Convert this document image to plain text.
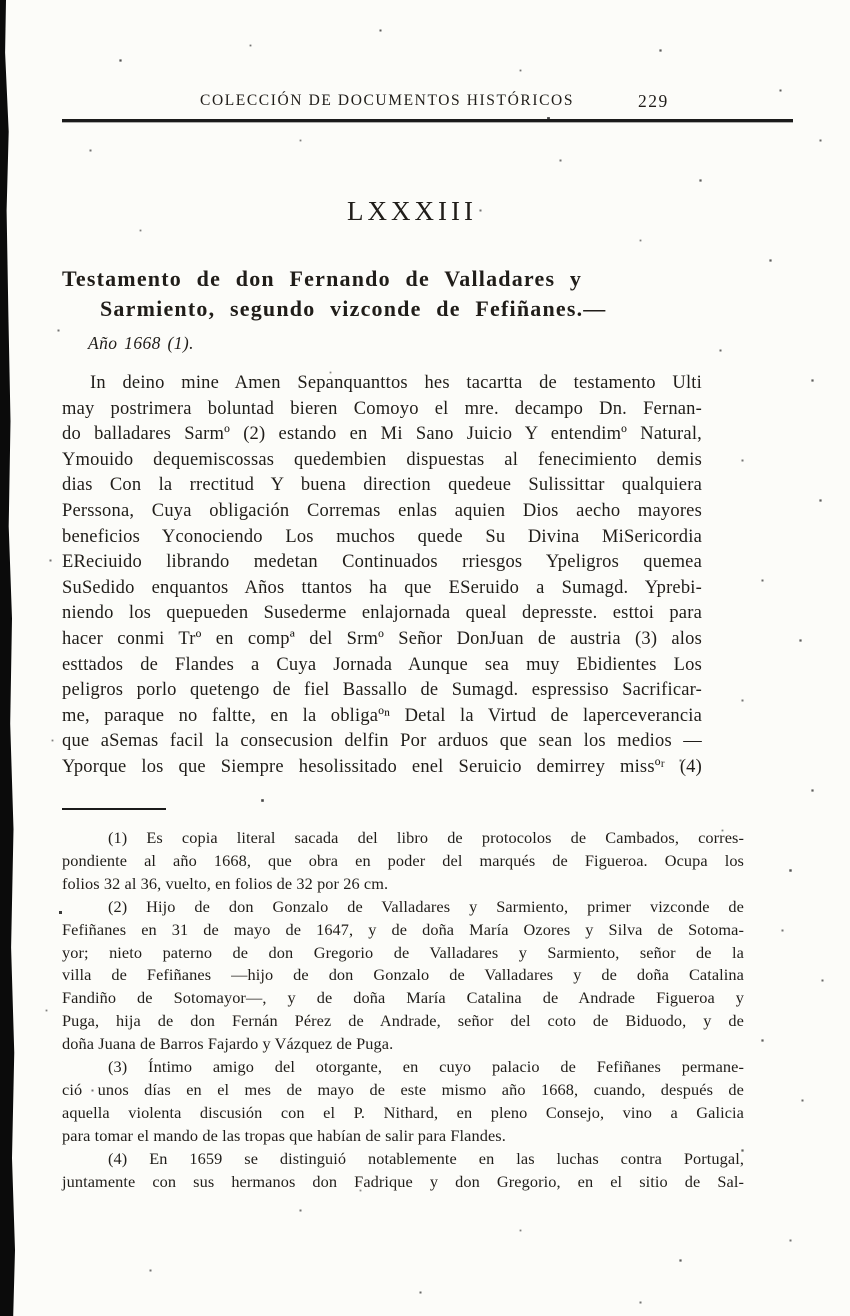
COLECCIÓN DE DOCUMENTOS HISTÓRICOS	229
LXXXIII
Testamento de don Fernando de Valladares y
Sarmiento, segundo vizconde de Fefiñanes.—
Año 1668 (1).
In deino mine Amen Sepanquanttos hes tacartta de testamento Ulti
may postrimera boluntad bieren Comoyo el mre. decampo Dn. Fernan-
do balladares Sarmº (2) estando en Mi Sano Juicio Y entendimº Natural,
Ymouido dequemiscossas quedembien dispuestas al fenecimiento demis
dias Con la rrectitud Y buena direction quedeue Sulissittar qualquiera
Perssona, Cuya obligación Corremas enlas aquien Dios aecho mayores
beneficios Yconociendo Los muchos quede Su Divina MiSericordia
EReciuido librando medetan Continuados rriesgos Ypeligros quemea
SuSedido enquantos Años ttantos ha que ESeruido a Sumagd. Yprebi-
niendo los quepueden Susederme enlajornada queal depresste. esttoi para
hacer conmi Trº en compª del Srmº Señor DonJuan de austria (3) alos
esttados de Flandes a Cuya Jornada Aunque sea muy Ebidientes Los
peligros porlo quetengo de fiel Bassallo de Sumagd. espressiso Sacrificar-
me, paraque no faltte, en la obligaºⁿ Detal la Virtud de laperceverancia
que aSemas facil la consecusion delfin Por arduos que sean los medios —
Yporque los que Siempre hesolissitado enel Seruicio demirrey missºʳ (4)
(1) Es copia literal sacada del libro de protocolos de Cambados, corres-
pondiente al año 1668, que obra en poder del marqués de Figueroa. Ocupa los
folios 32 al 36, vuelto, en folios de 32 por 26 cm.
(2) Hijo de don Gonzalo de Valladares y Sarmiento, primer vizconde de
Fefiñanes en 31 de mayo de 1647, y de doña María Ozores y Silva de Sotoma-
yor; nieto paterno de don Gregorio de Valladares y Sarmiento, señor de la
villa de Fefiñanes —hijo de don Gonzalo de Valladares y de doña Catalina
Fandiño de Sotomayor—, y de doña María Catalina de Andrade Figueroa y
Puga, hija de don Fernán Pérez de Andrade, señor del coto de Biduodo, y de
doña Juana de Barros Fajardo y Vázquez de Puga.
(3) Íntimo amigo del otorgante, en cuyo palacio de Fefiñanes permane-
ció unos días en el mes de mayo de este mismo año 1668, cuando, después de
aquella violenta discusión con el P. Nithard, en pleno Consejo, vino a Galicia
para tomar el mando de las tropas que habían de salir para Flandes.
(4) En 1659 se distinguió notablemente en las luchas contra Portugal,
juntamente con sus hermanos don Fadrique y don Gregorio, en el sitio de Sal-
